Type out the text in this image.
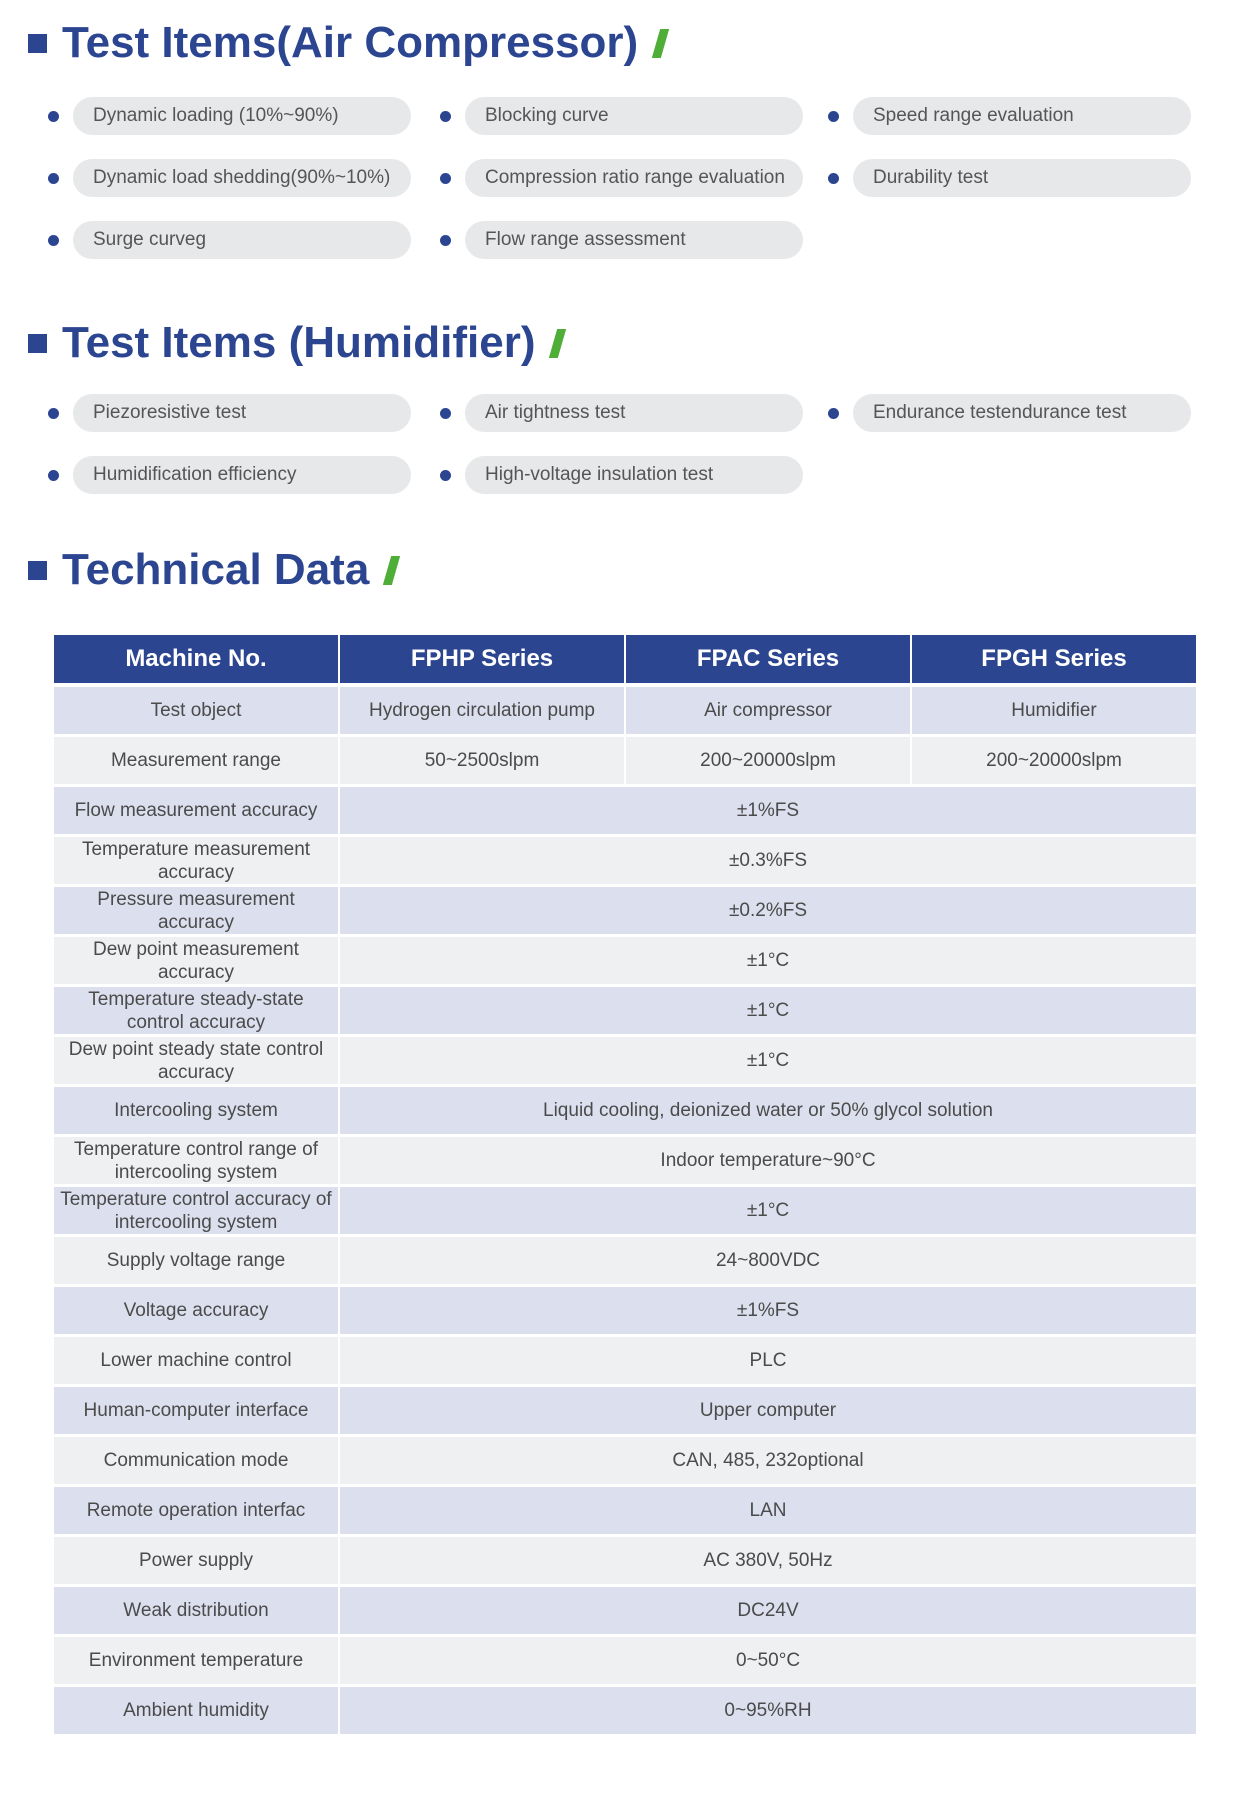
Test Items(Air Compressor)
Dynamic loading (10%~90%)	Blocking curve	Speed range evaluation
Dynamic load shedding(90%~10%)	Compression ratio range evaluation	Durability test
Surge curveg	Flow range assessment
Test Items (Humidifier)
Piezoresistive test	Air tightness test	Endurance testendurance test
Humidification efficiency	High-voltage insulation test
Technical Data
Machine No.	FPHP Series	FPAC Series	FPGH Series
Test object	Hydrogen circulation pump	Air compressor	Humidifier
Measurement range	50~2500slpm	200~20000slpm	200~20000slpm
Flow measurement accuracy	±1%FS		
Temperature measurement accuracy	±0.3%FS		
Pressure measurement accuracy	±0.2%FS		
Dew point measurement accuracy	±1°C		
Temperature steady-state control accuracy	±1°C		
Dew point steady state control accuracy	±1°C		
Intercooling system	Liquid cooling, deionized water or 50% glycol solution		
Temperature control range of intercooling system	Indoor temperature~90°C		
Temperature control accuracy of intercooling system	±1°C		
Supply voltage range	24~800VDC		
Voltage accuracy	±1%FS		
Lower machine control	PLC		
Human-computer interface	Upper computer		
Communication mode	CAN, 485, 232optional		
Remote operation interfac	LAN		
Power supply	AC 380V, 50Hz		
Weak distribution	DC24V		
Environment temperature	0~50°C		
Ambient humidity	0~95%RH		
